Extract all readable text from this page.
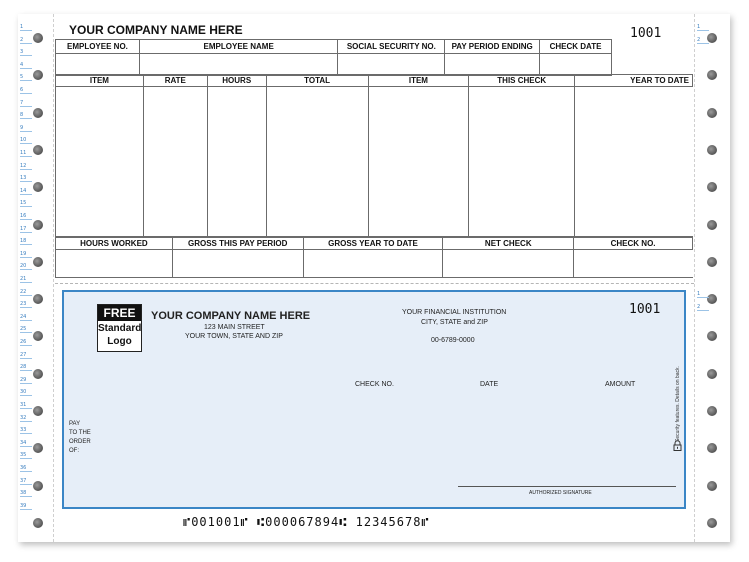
1
2
3
4
5
6
7
8
9
10
11
12
13
14
15
16
17
18
19
20
21
22
23
24
25
26
27
28
29
30
31
32
33
34
35
36
37
38
39
1
2
1
2
YOUR COMPANY NAME HERE	1001
EMPLOYEE NO.	EMPLOYEE NAME	SOCIAL SECURITY NO.	PAY PERIOD ENDING	CHECK DATE

ITEM	RATE	HOURS	TOTAL	ITEM	THIS CHECK	YEAR TO DATE

HOURS WORKED	GROSS THIS PAY PERIOD	GROSS YEAR TO DATE	NET CHECK	CHECK NO.

FREE
Standard
Logo
YOUR COMPANY NAME HERE
123 MAIN STREET
YOUR TOWN, STATE AND ZIP
YOUR FINANCIAL INSTITUTION
CITY, STATE and ZIP
00-6789-0000
1001
CHECK NO.	DATE	AMOUNT
PAY
TO THE
ORDER
OF:
Security features. Details on back.
AUTHORIZED SIGNATURE
⑈001001⑈ ⑆000067894⑆ 12345678⑈
